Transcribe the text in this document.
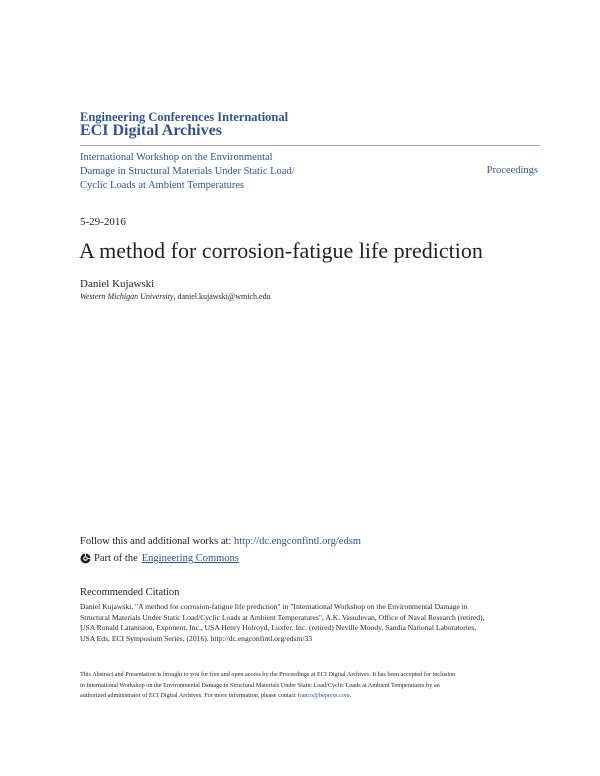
Engineering Conferences International
ECI Digital Archives
International Workshop on the Environmental
Damage in Structural Materials Under Static Load/
Cyclic Loads at Ambient Temperatures
Proceedings
5-29-2016
A method for corrosion-fatigue life prediction
Daniel Kujawski
Western Michigan University, daniel.kujawski@wmich.edu
Follow this and additional works at: http://dc.engconfintl.org/edsm
Part of the Engineering Commons
Recommended Citation
Daniel Kujawski, "A method for corrosion-fatigue life prediction" in "International Workshop on the Environmental Damage in
Structural Materials Under Static Load/Cyclic Loads at Ambient Temperatures", A.K. Vasudevan, Office of Naval Research (retired),
USA Ronald Latanision, Exponent, Inc., USA Henry Holroyd, Luxfer, Inc. (retired) Neville Moody, Sandia National Laboratories,
USA Eds, ECI Symposium Series, (2016). http://dc.engconfintl.org/edsm/33
This Abstract and Presentation is brought to you for free and open access by the Proceedings at ECI Digital Archives. It has been accepted for inclusion
in International Workshop on the Environmental Damage in Structural Materials Under Static Load/Cyclic Loads at Ambient Temperatures by an
authorized administrator of ECI Digital Archives. For more information, please contact franco@bepress.com.
